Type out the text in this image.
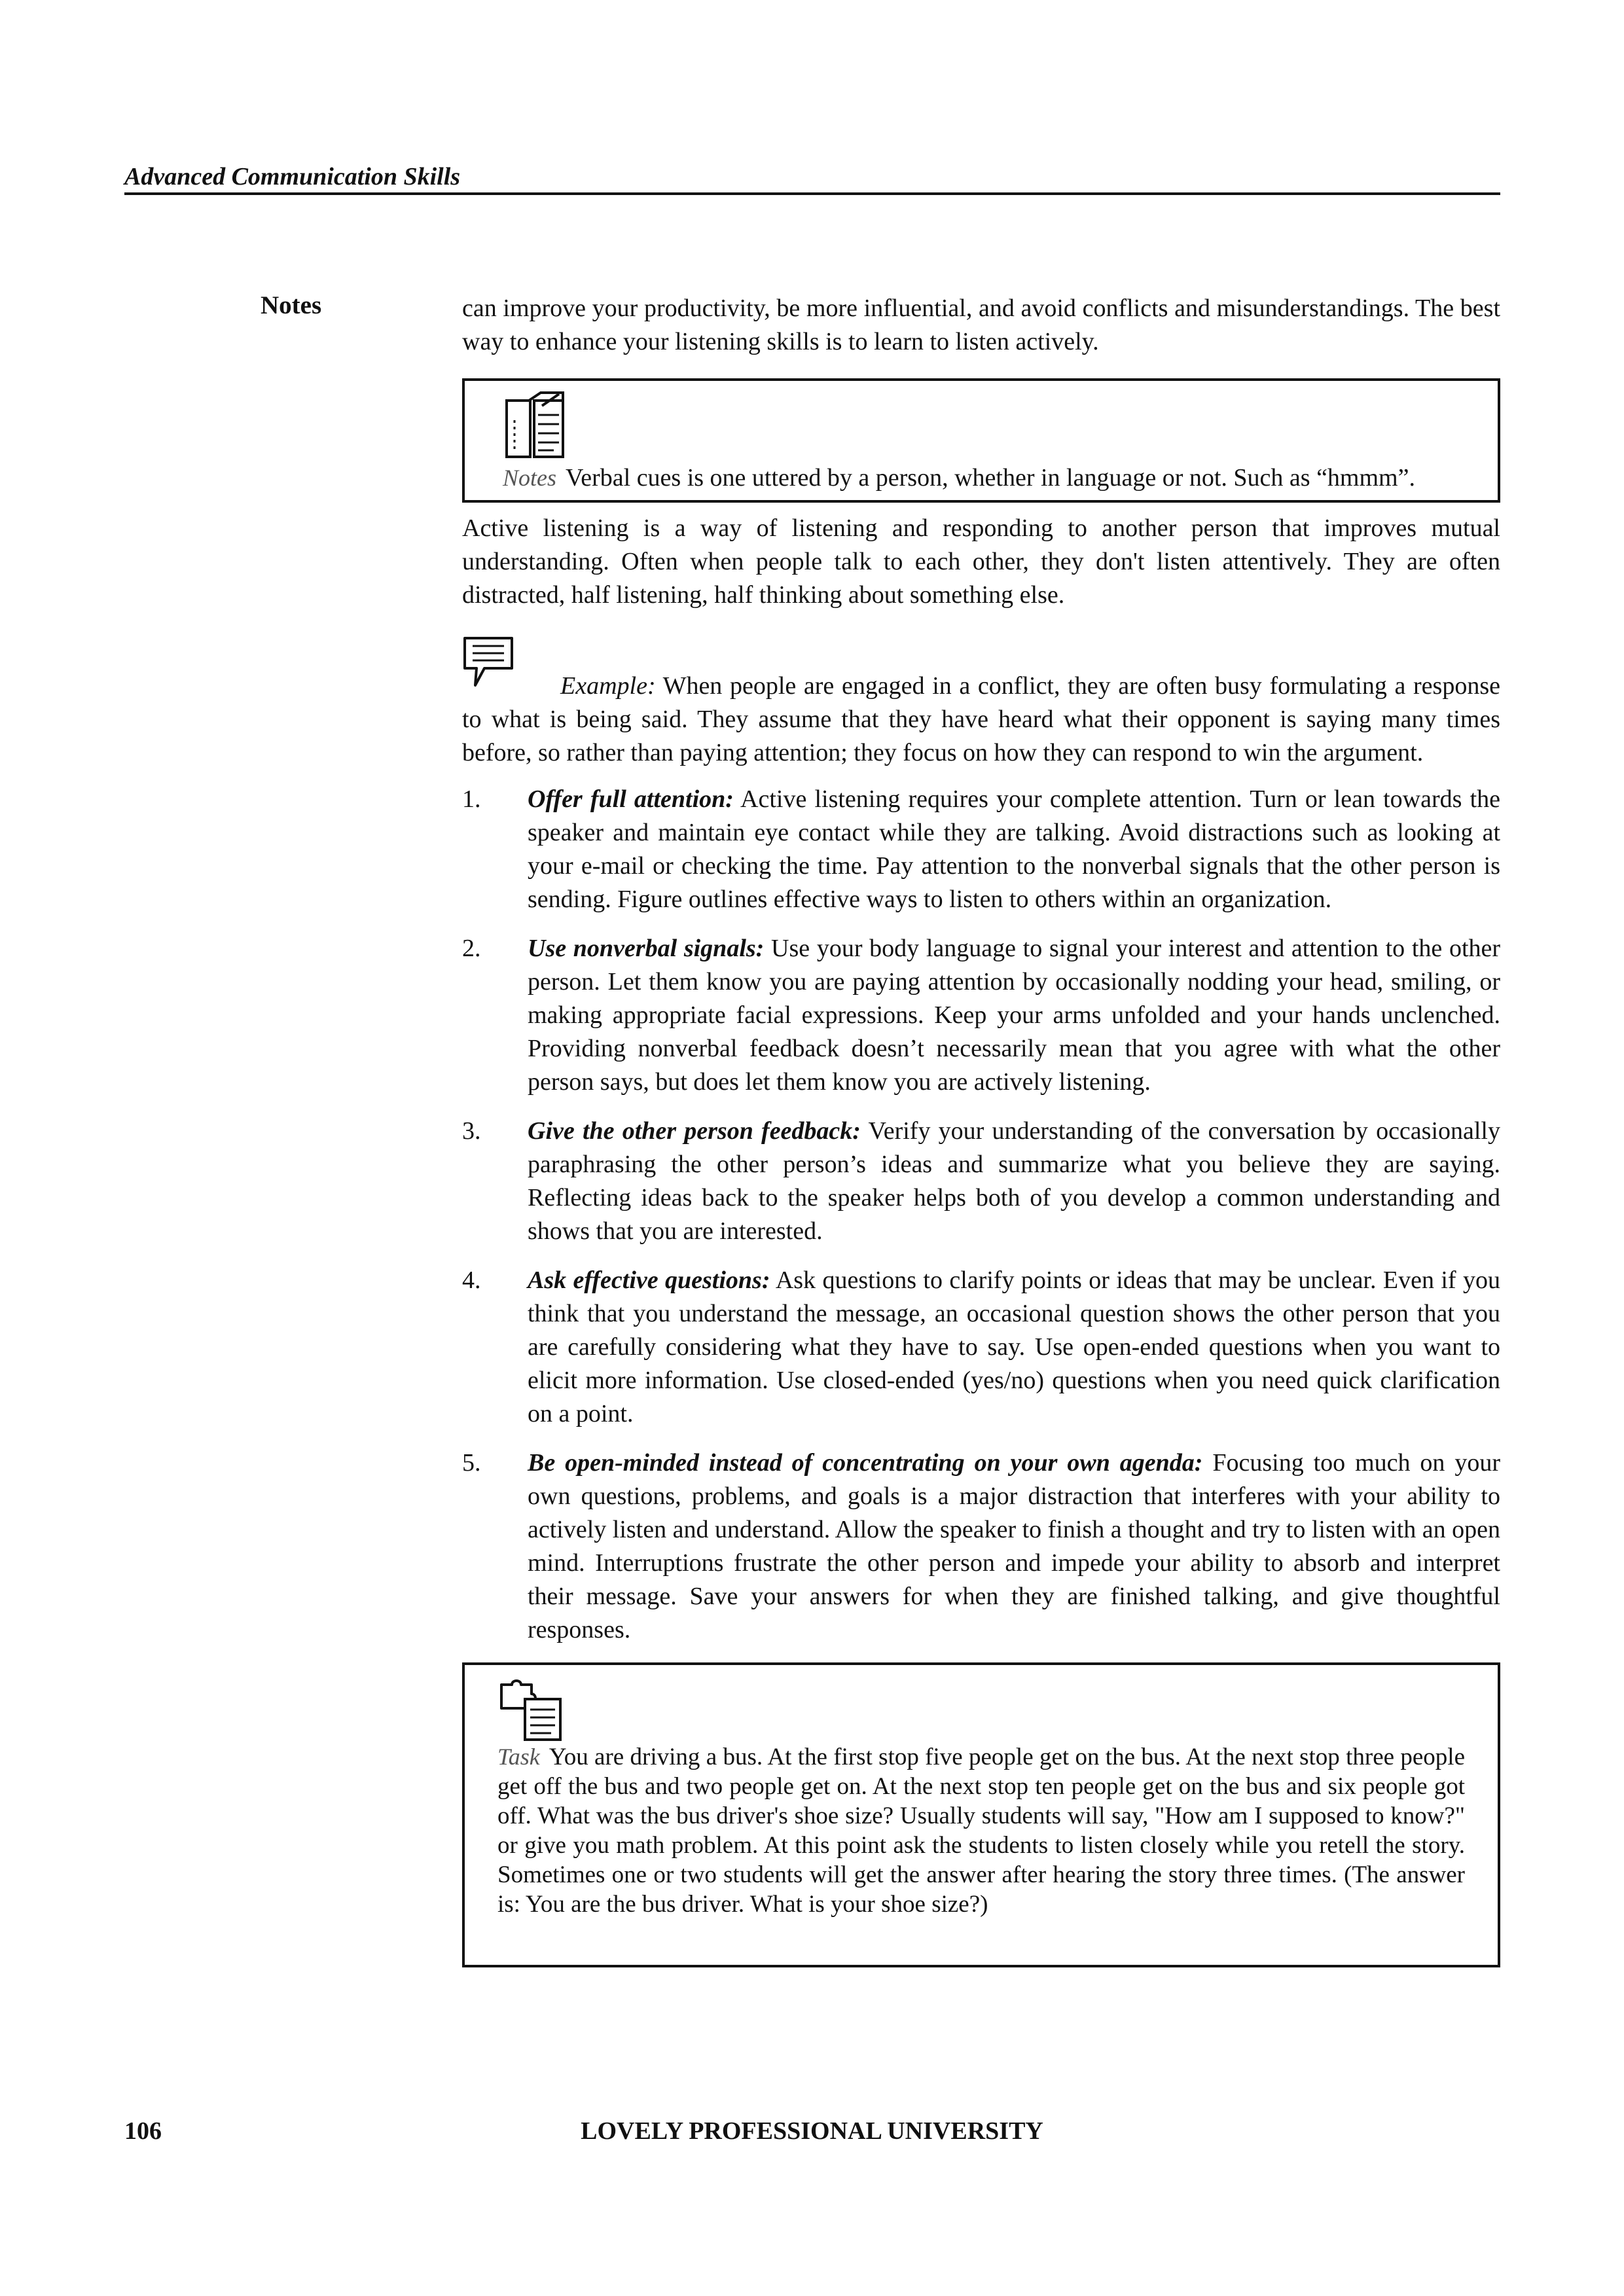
Advanced Communication Skills
Notes	can improve your productivity, be more influential, and avoid conflicts and misunderstandings. The best way to enhance your listening skills is to learn to listen actively.

Notes Verbal cues is one uttered by a person, whether in language or not. Such as “hmmm”.

Active listening is a way of listening and responding to another person that improves mutual understanding. Often when people talk to each other, they don't listen attentively. They are often distracted, half listening, half thinking about something else.

Example: When people are engaged in a conflict, they are often busy formulating a response to what is being said. They assume that they have heard what their opponent is saying many times before, so rather than paying attention; they focus on how they can respond to win the argument.

1. Offer full attention: Active listening requires your complete attention. Turn or lean towards the speaker and maintain eye contact while they are talking. Avoid distractions such as looking at your e-mail or checking the time. Pay attention to the nonverbal signals that the other person is sending. Figure outlines effective ways to listen to others within an organization.
2. Use nonverbal signals: Use your body language to signal your interest and attention to the other person. Let them know you are paying attention by occasionally nodding your head, smiling, or making appropriate facial expressions. Keep your arms unfolded and your hands unclenched. Providing nonverbal feedback doesn’t necessarily mean that you agree with what the other person says, but does let them know you are actively listening.
3. Give the other person feedback: Verify your understanding of the conversation by occasionally paraphrasing the other person’s ideas and summarize what you believe they are saying. Reflecting ideas back to the speaker helps both of you develop a common understanding and shows that you are interested.
4. Ask effective questions: Ask questions to clarify points or ideas that may be unclear. Even if you think that you understand the message, an occasional question shows the other person that you are carefully considering what they have to say. Use open-ended questions when you want to elicit more information. Use closed-ended (yes/no) questions when you need quick clarification on a point.
5. Be open-minded instead of concentrating on your own agenda: Focusing too much on your own questions, problems, and goals is a major distraction that interferes with your ability to actively listen and understand. Allow the speaker to finish a thought and try to listen with an open mind. Interruptions frustrate the other person and impede your ability to absorb and interpret their message. Save your answers for when they are finished talking, and give thoughtful responses.

Task You are driving a bus. At the first stop five people get on the bus. At the next stop three people get off the bus and two people get on. At the next stop ten people get on the bus and six people got off. What was the bus driver's shoe size? Usually students will say, "How am I supposed to know?" or give you math problem. At this point ask the students to listen closely while you retell the story. Sometimes one or two students will get the answer after hearing the story three times. (The answer is: You are the bus driver. What is your shoe size?)

106	LOVELY PROFESSIONAL UNIVERSITY
